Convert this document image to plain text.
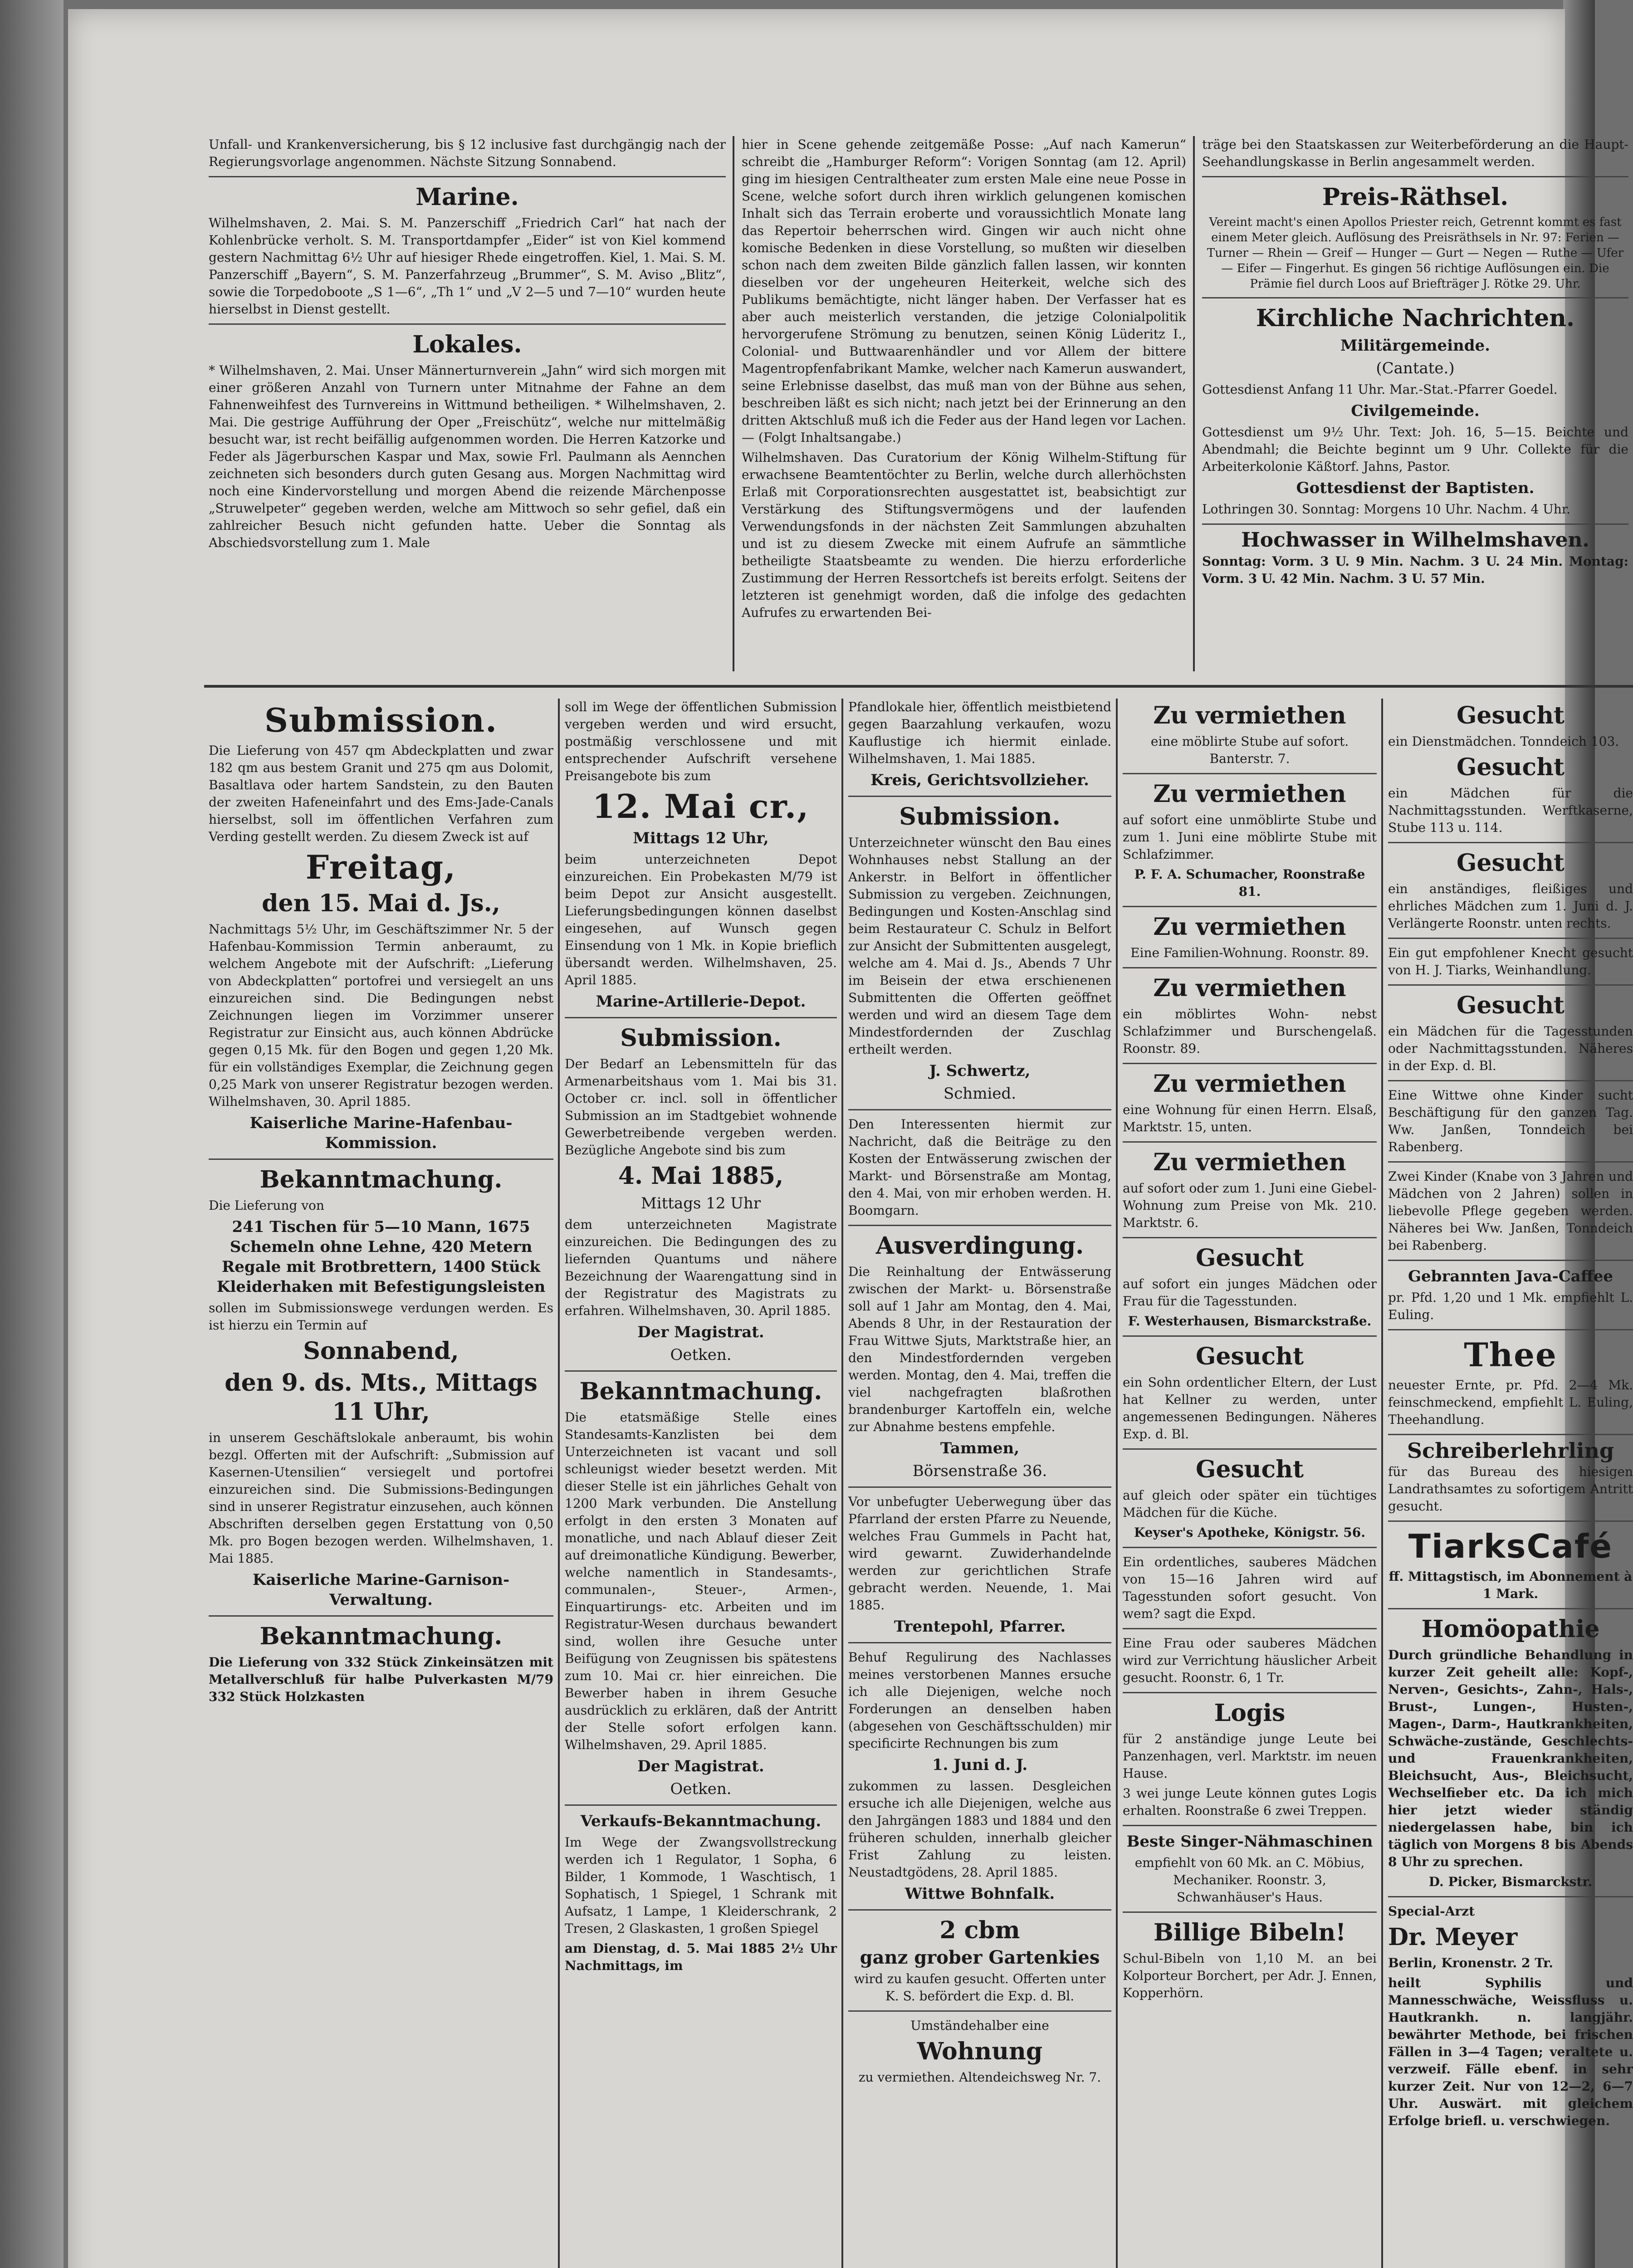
Unfall- und Krankenversicherung, bis § 12 inclusive fast durchgängig nach der Regierungsvorlage angenommen. Nächste Sitzung Sonnabend.

Marine.

Wilhelmshaven, 2. Mai. S. M. Panzerschiff „Friedrich Carl“ hat nach der Kohlenbrücke verholt. S. M. Transportdampfer „Eider“ ist von Kiel kommend gestern Nachmittag 6½ Uhr auf hiesiger Rhede eingetroffen. Kiel, 1. Mai. S. M. Panzerschiff „Bayern“, S. M. Panzerfahrzeug „Brummer“, S. M. Aviso „Blitz“, sowie die Torpedoboote „S 1—6“, „Th 1“ und „V 2—5 und 7—10“ wurden heute hierselbst in Dienst gestellt.

Lokales.

* Wilhelmshaven, 2. Mai. Unser Männerturnverein „Jahn“ wird sich morgen mit einer größeren Anzahl von Turnern unter Mitnahme der Fahne an dem Fahnenweihfest des Turnvereins in Wittmund betheiligen. * Wilhelmshaven, 2. Mai. Die gestrige Aufführung der Oper „Freischütz“, welche nur mittelmäßig besucht war, ist recht beifällig aufgenommen worden. Die Herren Katzorke und Feder als Jägerburschen Kaspar und Max, sowie Frl. Paulmann als Aennchen zeichneten sich besonders durch guten Gesang aus. Morgen Nachmittag wird noch eine Kindervorstellung und morgen Abend die reizende Märchenposse „Struwelpeter“ gegeben werden, welche am Mittwoch so sehr gefiel, daß ein zahlreicher Besuch nicht gefunden hatte. Ueber die Sonntag als Abschiedsvorstellung zum 1. Male

hier in Scene gehende zeitgemäße Posse: „Auf nach Kamerun“ schreibt die „Hamburger Reform“: Vorigen Sonntag (am 12. April) ging im hiesigen Centraltheater zum ersten Male eine neue Posse in Scene, welche sofort durch ihren wirklich gelungenen komischen Inhalt sich das Terrain eroberte und voraussichtlich Monate lang das Repertoir beherrschen wird. Gingen wir auch nicht ohne komische Bedenken in diese Vorstellung, so mußten wir dieselben schon nach dem zweiten Bilde gänzlich fallen lassen, wir konnten dieselben vor der ungeheuren Heiterkeit, welche sich des Publikums bemächtigte, nicht länger haben. Der Verfasser hat es aber auch meisterlich verstanden, die jetzige Colonialpolitik hervorgerufene Strömung zu benutzen, seinen König Lüderitz I., Colonial- und Buttwaarenhändler und vor Allem der bittere Magentropfenfabrikant Mamke, welcher nach Kamerun auswandert, seine Erlebnisse daselbst, das muß man von der Bühne aus sehen, beschreiben läßt es sich nicht; nach jetzt bei der Erinnerung an den dritten Aktschluß muß ich die Feder aus der Hand legen vor Lachen. — (Folgt Inhaltsangabe.)

Wilhelmshaven. Das Curatorium der König Wilhelm-Stiftung für erwachsene Beamtentöchter zu Berlin, welche durch allerhöchsten Erlaß mit Corporationsrechten ausgestattet ist, beabsichtigt zur Verstärkung des Stiftungsvermögens und der laufenden Verwendungsfonds in der nächsten Zeit Sammlungen abzuhalten und ist zu diesem Zwecke mit einem Aufrufe an sämmtliche betheiligte Staatsbeamte zu wenden. Die hierzu erforderliche Zustimmung der Herren Ressortchefs ist bereits erfolgt. Seitens der letzteren ist genehmigt worden, daß die infolge des gedachten Aufrufes zu erwartenden Bei-

träge bei den Staatskassen zur Weiterbeförderung an die Haupt-Seehandlungskasse in Berlin angesammelt werden.

Preis-Räthsel.

Vereint macht's einen Apollos Priester reich, Getrennt kommt es fast einem Meter gleich. Auflösung des Preisräthsels in Nr. 97: Ferien — Turner — Rhein — Greif — Hunger — Gurt — Negen — Ruthe — Ufer — Eifer — Fingerhut. Es gingen 56 richtige Auflösungen ein. Die Prämie fiel durch Loos auf Briefträger J. Rötke 29. Uhr.

Kirchliche Nachrichten.
Militärgemeinde.
(Cantate.)

Gottesdienst Anfang 11 Uhr. Mar.-Stat.-Pfarrer Goedel.

Civilgemeinde.

Gottesdienst um 9½ Uhr. Text: Joh. 16, 5—15. Beichte und Abendmahl; die Beichte beginnt um 9 Uhr. Collekte für die Arbeiterkolonie Käßtorf. Jahns, Pastor.

Gottesdienst der Baptisten.

Lothringen 30. Sonntag: Morgens 10 Uhr. Nachm. 4 Uhr.

Hochwasser in Wilhelmshaven.

Sonntag: Vorm. 3 U. 9 Min. Nachm. 3 U. 24 Min. Montag: Vorm. 3 U. 42 Min. Nachm. 3 U. 57 Min.

Submission.

Die Lieferung von 457 qm Abdeckplatten und zwar 182 qm aus bestem Granit und 275 qm aus Dolomit, Basaltlava oder hartem Sandstein, zu den Bauten der zweiten Hafeneinfahrt und des Ems-Jade-Canals hierselbst, soll im öffentlichen Verfahren zum Verding gestellt werden. Zu diesem Zweck ist auf

Freitag,
den 15. Mai d. Js.,

Nachmittags 5½ Uhr, im Geschäftszimmer Nr. 5 der Hafenbau-Kommission Termin anberaumt, zu welchem Angebote mit der Aufschrift: „Lieferung von Abdeckplatten“ portofrei und versiegelt an uns einzureichen sind. Die Bedingungen nebst Zeichnungen liegen im Vorzimmer unserer Registratur zur Einsicht aus, auch können Abdrücke gegen 0,15 Mk. für den Bogen und gegen 1,20 Mk. für ein vollständiges Exemplar, die Zeichnung gegen 0,25 Mark von unserer Registratur bezogen werden. Wilhelmshaven, 30. April 1885.

Kaiserliche Marine-Hafenbau-Kommission.
Bekanntmachung.

Die Lieferung von

241 Tischen für 5—10 Mann, 1675 Schemeln ohne Lehne, 420 Metern Regale mit Brotbrettern, 1400 Stück Kleiderhaken mit Befestigungsleisten

sollen im Submissionswege verdungen werden. Es ist hierzu ein Termin auf

Sonnabend,
den 9. ds. Mts., Mittags 11 Uhr,

in unserem Geschäftslokale anberaumt, bis wohin bezgl. Offerten mit der Aufschrift: „Submission auf Kasernen-Utensilien“ versiegelt und portofrei einzureichen sind. Die Submissions-Bedingungen sind in unserer Registratur einzusehen, auch können Abschriften derselben gegen Erstattung von 0,50 Mk. pro Bogen bezogen werden. Wilhelmshaven, 1. Mai 1885.

Kaiserliche Marine-Garnison-Verwaltung.
Bekanntmachung.

Die Lieferung von 332 Stück Zinkeinsätzen mit Metallverschluß für halbe Pulverkasten M/79 332 Stück Holzkasten

soll im Wege der öffentlichen Submission vergeben werden und wird ersucht, postmäßig verschlossene und mit entsprechender Aufschrift versehene Preisangebote bis zum

12. Mai cr.,
Mittags 12 Uhr,

beim unterzeichneten Depot einzureichen. Ein Probekasten M/79 ist beim Depot zur Ansicht ausgestellt. Lieferungsbedingungen können daselbst eingesehen, auf Wunsch gegen Einsendung von 1 Mk. in Kopie brieflich übersandt werden. Wilhelmshaven, 25. April 1885.

Marine-Artillerie-Depot.
Submission.

Der Bedarf an Lebensmitteln für das Armenarbeitshaus vom 1. Mai bis 31. October cr. incl. soll in öffentlicher Submission an im Stadtgebiet wohnende Gewerbetreibende vergeben werden. Bezügliche Angebote sind bis zum

4. Mai 1885,
Mittags 12 Uhr

dem unterzeichneten Magistrate einzureichen. Die Bedingungen des zu liefernden Quantums und nähere Bezeichnung der Waarengattung sind in der Registratur des Magistrats zu erfahren. Wilhelmshaven, 30. April 1885.

Der Magistrat.
Oetken.
Bekanntmachung.

Die etatsmäßige Stelle eines Standesamts-Kanzlisten bei dem Unterzeichneten ist vacant und soll schleunigst wieder besetzt werden. Mit dieser Stelle ist ein jährliches Gehalt von 1200 Mark verbunden. Die Anstellung erfolgt in den ersten 3 Monaten auf monatliche, und nach Ablauf dieser Zeit auf dreimonatliche Kündigung. Bewerber, welche namentlich in Standesamts-, communalen-, Steuer-, Armen-, Einquartirungs- etc. Arbeiten und im Registratur-Wesen durchaus bewandert sind, wollen ihre Gesuche unter Beifügung von Zeugnissen bis spätestens zum 10. Mai cr. hier einreichen. Die Bewerber haben in ihrem Gesuche ausdrücklich zu erklären, daß der Antritt der Stelle sofort erfolgen kann. Wilhelmshaven, 29. April 1885.

Der Magistrat.
Oetken.
Verkaufs-Bekanntmachung.

Im Wege der Zwangsvollstreckung werden ich 1 Regulator, 1 Sopha, 6 Bilder, 1 Kommode, 1 Waschtisch, 1 Sophatisch, 1 Spiegel, 1 Schrank mit Aufsatz, 1 Lampe, 1 Kleiderschrank, 2 Tresen, 2 Glaskasten, 1 großen Spiegel

am Dienstag, d. 5. Mai 1885 2½ Uhr Nachmittags, im

Pfandlokale hier, öffentlich meistbietend gegen Baarzahlung verkaufen, wozu Kauflustige ich hiermit einlade. Wilhelmshaven, 1. Mai 1885.

Kreis, Gerichtsvollzieher.
Submission.

Unterzeichneter wünscht den Bau eines Wohnhauses nebst Stallung an der Ankerstr. in Belfort in öffentlicher Submission zu vergeben. Zeichnungen, Bedingungen und Kosten-Anschlag sind beim Restaurateur C. Schulz in Belfort zur Ansicht der Submittenten ausgelegt, welche am 4. Mai d. Js., Abends 7 Uhr im Beisein der etwa erschienenen Submittenten die Offerten geöffnet werden und wird an diesem Tage dem Mindestfordernden der Zuschlag ertheilt werden.

J. Schwertz,
Schmied.

Den Interessenten hiermit zur Nachricht, daß die Beiträge zu den Kosten der Entwässerung zwischen der Markt- und Börsenstraße am Montag, den 4. Mai, von mir erhoben werden. H. Boomgarn.

Ausverdingung.

Die Reinhaltung der Entwässerung zwischen der Markt- u. Börsenstraße soll auf 1 Jahr am Montag, den 4. Mai, Abends 8 Uhr, in der Restauration der Frau Wittwe Sjuts, Marktstraße hier, an den Mindestfordernden vergeben werden. Montag, den 4. Mai, treffen die viel nachgefragten blaßrothen brandenburger Kartoffeln ein, welche zur Abnahme bestens empfehle.

Tammen,
Börsenstraße 36.

Vor unbefugter Ueberwegung über das Pfarrland der ersten Pfarre zu Neuende, welches Frau Gummels in Pacht hat, wird gewarnt. Zuwiderhandelnde werden zur gerichtlichen Strafe gebracht werden. Neuende, 1. Mai 1885.

Trentepohl, Pfarrer.

Behuf Regulirung des Nachlasses meines verstorbenen Mannes ersuche ich alle Diejenigen, welche noch Forderungen an denselben haben (abgesehen von Geschäftsschulden) mir specificirte Rechnungen bis zum

1. Juni d. J.

zukommen zu lassen. Desgleichen ersuche ich alle Diejenigen, welche aus den Jahrgängen 1883 und 1884 und den früheren schulden, innerhalb gleicher Frist Zahlung zu leisten. Neustadtgödens, 28. April 1885.

Wittwe Bohnfalk.
2 cbm
ganz grober Gartenkies

wird zu kaufen gesucht. Offerten unter K. S. befördert die Exp. d. Bl.

Umständehalber eine

Wohnung

zu vermiethen. Altendeichsweg Nr. 7.

Zu vermiethen

eine möblirte Stube auf sofort. Banterstr. 7.

Zu vermiethen

auf sofort eine unmöblirte Stube und zum 1. Juni eine möblirte Stube mit Schlafzimmer.

P. F. A. Schumacher, Roonstraße 81.

Zu vermiethen

Eine Familien-Wohnung. Roonstr. 89.

Zu vermiethen

ein möblirtes Wohn- nebst Schlafzimmer und Burschengelaß. Roonstr. 89.

Zu vermiethen

eine Wohnung für einen Herrn. Elsaß, Marktstr. 15, unten.

Zu vermiethen

auf sofort oder zum 1. Juni eine Giebel-Wohnung zum Preise von Mk. 210. Marktstr. 6.

Gesucht

auf sofort ein junges Mädchen oder Frau für die Tagesstunden.

F. Westerhausen, Bismarckstraße.

Gesucht

ein Sohn ordentlicher Eltern, der Lust hat Kellner zu werden, unter angemessenen Bedingungen. Näheres Exp. d. Bl.

Gesucht

auf gleich oder später ein tüchtiges Mädchen für die Küche.

Keyser's Apotheke, Königstr. 56.

Ein ordentliches, sauberes Mädchen von 15—16 Jahren wird auf Tagesstunden sofort gesucht. Von wem? sagt die Expd.

Eine Frau oder sauberes Mädchen wird zur Verrichtung häuslicher Arbeit gesucht. Roonstr. 6, 1 Tr.

Logis

für 2 anständige junge Leute bei Panzenhagen, verl. Marktstr. im neuen Hause.

3 wei junge Leute können gutes Logis erhalten. Roonstraße 6 zwei Treppen.

Beste Singer-Nähmaschinen

empfiehlt von 60 Mk. an C. Möbius, Mechaniker. Roonstr. 3, Schwanhäuser's Haus.

Billige Bibeln!

Schul-Bibeln von 1,10 M. an bei Kolporteur Borchert, per Adr. J. Ennen, Kopperhörn.

Gesucht

ein Dienstmädchen. Tonndeich 103.

Gesucht

ein Mädchen für die Nachmittagsstunden. Werftkaserne, Stube 113 u. 114.

Gesucht

ein anständiges, fleißiges und ehrliches Mädchen zum 1. Juni d. J. Verlängerte Roonstr. unten rechts.

Ein gut empfohlener Knecht gesucht von H. J. Tiarks, Weinhandlung.

Gesucht

ein Mädchen für die Tagesstunden oder Nachmittagsstunden. Näheres in der Exp. d. Bl.

Eine Wittwe ohne Kinder sucht Beschäftigung für den ganzen Tag. Ww. Janßen, Tonndeich bei Rabenberg.

Zwei Kinder (Knabe von 3 Jahren und Mädchen von 2 Jahren) sollen in liebevolle Pflege gegeben werden. Näheres bei Ww. Janßen, Tonndeich bei Rabenberg.

Gebrannten Java-Caffee

pr. Pfd. 1,20 und 1 Mk. empfiehlt L. Euling.

Thee

neuester Ernte, pr. Pfd. 2—4 Mk. feinschmeckend, empfiehlt L. Euling, Theehandlung.

Schreiberlehrling

für das Bureau des hiesigen Landrathsamtes zu sofortigem Antritt gesucht.

TiarksCafé

ff. Mittagstisch, im Abonnement à 1 Mark.

Homöopathie

Durch gründliche Behandlung in kurzer Zeit geheilt alle: Kopf-, Nerven-, Gesichts-, Zahn-, Hals-, Brust-, Lungen-, Husten-, Magen-, Darm-, Hautkrankheiten, Schwäche-zustände, Geschlechts- und Frauenkrankheiten, Bleichsucht, Aus-, Bleichsucht, Wechselfieber etc. Da ich mich hier jetzt wieder ständig niedergelassen habe, bin ich täglich von Morgens 8 bis Abends 8 Uhr zu sprechen.

D. Picker, Bismarckstr.

Special-Arzt

Dr. Meyer

Berlin, Kronenstr. 2 Tr.

heilt Syphilis und Mannesschwäche, Weissfluss u. Hautkrankh. n. langjähr. bewährter Methode, bei frischen Fällen in 3—4 Tagen; veraltete u. verzweif. Fälle ebenf. in sehr kurzer Zeit. Nur von 12—2, 6—7 Uhr. Auswärt. mit gleichem Erfolge briefl. u. verschwiegen.
